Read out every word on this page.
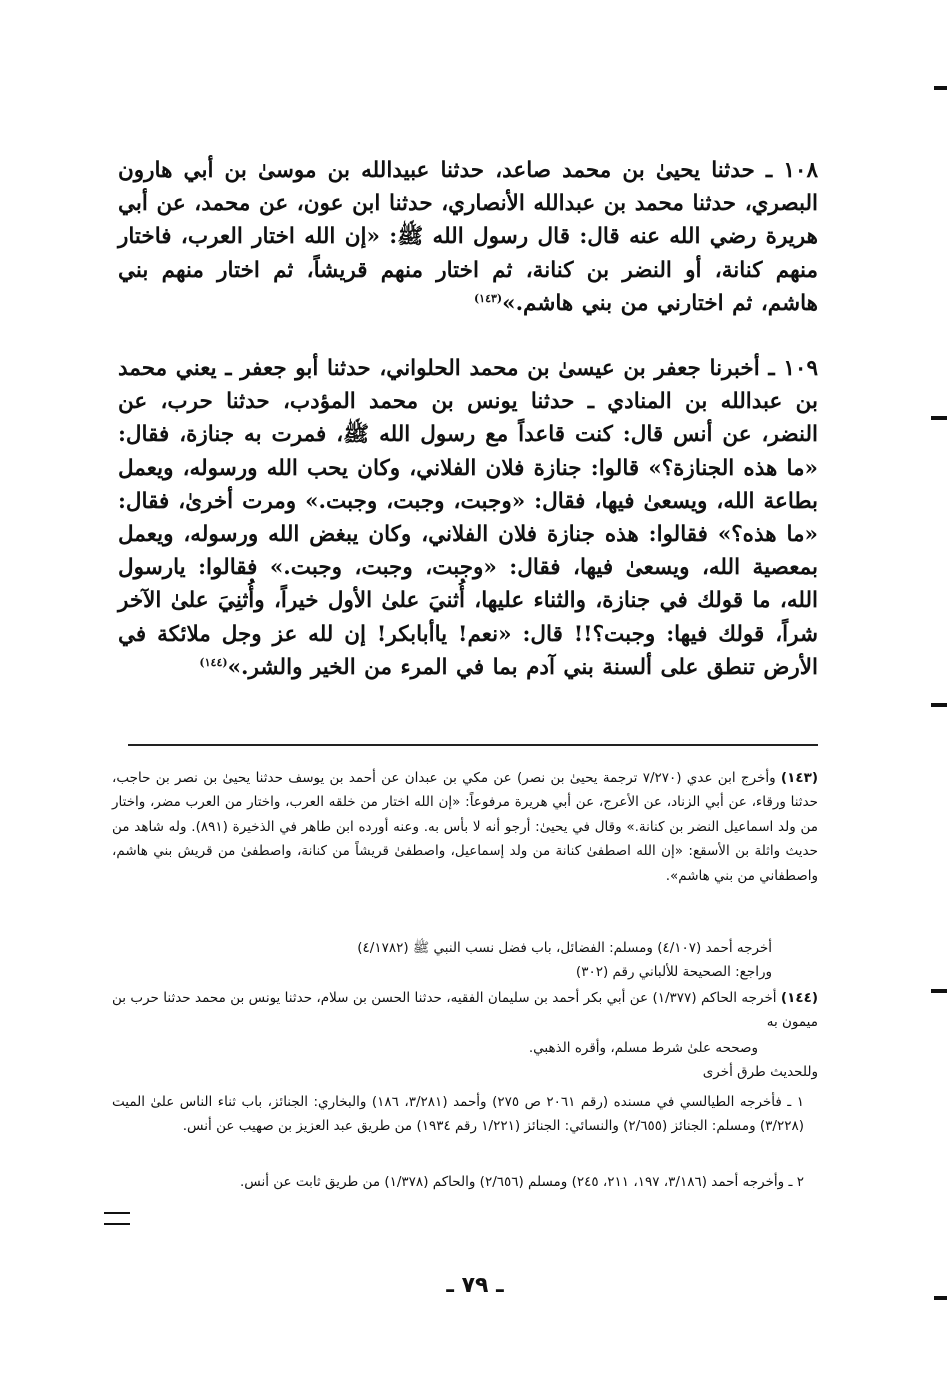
١٠٨ ـ حدثنا يحيىٰ بن محمد صاعد، حدثنا عبيدالله بن موسىٰ بن أبي هارون البصري، حدثنا محمد بن عبدالله الأنصاري، حدثنا ابن عون، عن محمد، عن أبي هريرة رضي الله عنه قال: قال رسول الله ﷺ: «إن الله اختار العرب، فاختار منهم كنانة، أو النضر بن كنانة، ثم اختار منهم قريشاً، ثم اختار منهم بني هاشم، ثم اختارني من بني هاشم.»$^{(١٤٣)}$
١٠٩ ـ أخبرنا جعفر بن عيسىٰ بن محمد الحلواني، حدثنا أبو جعفر ـ يعني محمد بن عبدالله بن المنادي ـ حدثنا يونس بن محمد المؤدب، حدثنا حرب، عن النضر، عن أنس قال: كنت قاعداً مع رسول الله ﷺ، فمرت به جنازة، فقال: «ما هذه الجنازة؟» قالوا: جنازة فلان الفلاني، وكان يحب الله ورسوله، ويعمل بطاعة الله، ويسعىٰ فيها، فقال: «وجبت، وجبت، وجبت.» ومرت أخرىٰ، فقال: «ما هذه؟» فقالوا: هذه جنازة فلان الفلاني، وكان يبغض الله ورسوله، ويعمل بمعصية الله، ويسعىٰ فيها، فقال: «وجبت، وجبت، وجبت.» فقالوا: يارسول الله، ما قولك في جنازة، والثناء عليها، أُثنيَ علىٰ الأول خيراً، وأُثنِيَ علىٰ الآخر شراً، قولك فيها: وجبت؟!! قال: «نعم! ياأبابكر! إن لله عز وجل ملائكة في الأرض تنطق على ألسنة بني آدم بما في المرء من الخير والشر.»$^{(١٤٤)}$
(١٤٣) وأخرج ابن عدي (٧/٢٧٠ ترجمة يحيىٰ بن نصر) عن مكي بن عبدان عن أحمد بن يوسف حدثنا يحيىٰ بن نصر بن حاجب، حدثنا ورقاء، عن أبي الزناد، عن الأعرج، عن أبي هريرة مرفوعاً: «إن الله اختار من خلقه العرب، واختار من العرب مضر، واختار من ولد اسماعيل النضر بن كنانة.» وقال في يحيىٰ: أرجو أنه لا بأس به. وعنه أورده ابن طاهر في الذخيرة (٨٩١). وله شاهد من حديث واثلة بن الأسقع: «إن الله اصطفىٰ كنانة من ولد إسماعيل، واصطفىٰ قريشاً من كنانة، واصطفىٰ من قريش بني هاشم، واصطفاني من بني هاشم».
أخرجه أحمد (٤/١٠٧) ومسلم: الفضائل، باب فضل نسب النبي ﷺ (٤/١٧٨٢)
وراجع: الصحيحة للألباني رقم (٣٠٢)
(١٤٤) أخرجه الحاكم (١/٣٧٧) عن أبي بكر أحمد بن سليمان الفقيه، حدثنا الحسن بن سلام، حدثنا يونس بن محمد حدثنا حرب بن ميمون به
وصححه علىٰ شرط مسلم، وأقره الذهبي.
وللحديث طرق أخرى
١ ـ فأخرجه الطيالسي في مسنده (رقم ٢٠٦١ ص ٢٧٥) وأحمد (٣/٢٨١، ١٨٦) والبخاري: الجنائز، باب ثناء الناس علىٰ الميت (٣/٢٢٨) ومسلم: الجنائز (٢/٦٥٥) والنسائي: الجنائز (١/٢٢١ رقم ١٩٣٤) من طريق عبد العزيز بن صهيب عن أنس.
٢ ـ وأخرجه أحمد (٣/١٨٦، ١٩٧، ٢١١، ٢٤٥) ومسلم (٢/٦٥٦) والحاكم (١/٣٧٨) من طريق ثابت عن أنس.
ـ ٧٩ ـ
